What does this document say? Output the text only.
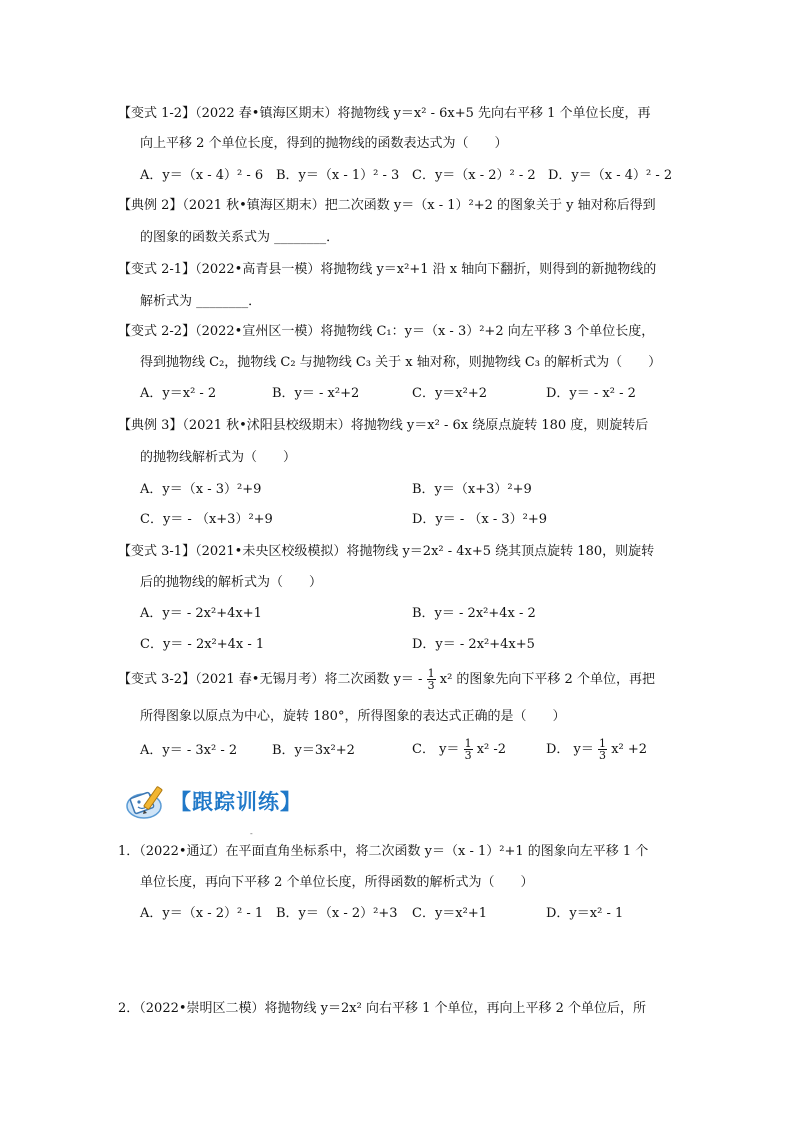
【变式 1-2】（2022 春•镇海区期末）将抛物线 y＝x² - 6x+5 先向右平移 1 个单位长度，再
向上平移 2 个单位长度，得到的抛物线的函数表达式为（　　）
A．y＝（x - 4）² - 6 B．y＝（x - 1）² - 3 C．y＝（x - 2）² - 2 D．y＝（x - 4）² - 2
【典例 2】（2021 秋•镇海区期末）把二次函数 y＝（x - 1）²+2 的图象关于 y 轴对称后得到
的图象的函数关系式为 ________．
【变式 2-1】（2022•高青县一模）将抛物线 y＝x²+1 沿 x 轴向下翻折，则得到的新抛物线的
解析式为 ________．
【变式 2-2】（2022•宣州区一模）将抛物线 C₁：y＝（x - 3）²+2 向左平移 3 个单位长度，
得到抛物线 C₂，抛物线 C₂ 与抛物线 C₃ 关于 x 轴对称，则抛物线 C₃ 的解析式为（　　）
A．y＝x² - 2	B．y＝ - x²+2	C．y＝x²+2	D．y＝ - x² - 2
【典例 3】（2021 秋•沭阳县校级期末）将抛物线 y＝x² - 6x 绕原点旋转 180 度，则旋转后
的抛物线解析式为（　　）
A．y＝（x - 3）²+9	B．y＝（x+3）²+9
C．y＝ - （x+3）²+9	D．y＝ - （x - 3）²+9
【变式 3-1】（2021•未央区校级模拟）将抛物线 y＝2x² - 4x+5 绕其顶点旋转 180，则旋转
后的抛物线的解析式为（　　）
A．y＝ - 2x²+4x+1	B．y＝ - 2x²+4x - 2
C．y＝ - 2x²+4x - 1	D．y＝ - 2x²+4x+5
【变式 3-2】（2021 春•无锡月考）将二次函数 $y= - \frac{1}{3} x^2$ 的图象先向下平移 2 个单位，再把
所得图象以原点为中心，旋转 180°，所得图象的表达式正确的是（　　）
A．y＝ - 3x² - 2	B．y＝3x²+2	C． $y= \frac{1}{3} x^2$ -2	D． $y= \frac{1}{3} x^2 +2$
【跟踪训练】
-
1．（2022•通辽）在平面直角坐标系中，将二次函数 y＝（x - 1）²+1 的图象向左平移 1 个
单位长度，再向下平移 2 个单位长度，所得函数的解析式为（　　）
A．y＝（x - 2）² - 1 B．y＝（x - 2）²+3 C．y＝x²+1	D．y＝x² - 1
2．（2022•崇明区二模）将抛物线 y＝2x² 向右平移 1 个单位，再向上平移 2 个单位后，所
